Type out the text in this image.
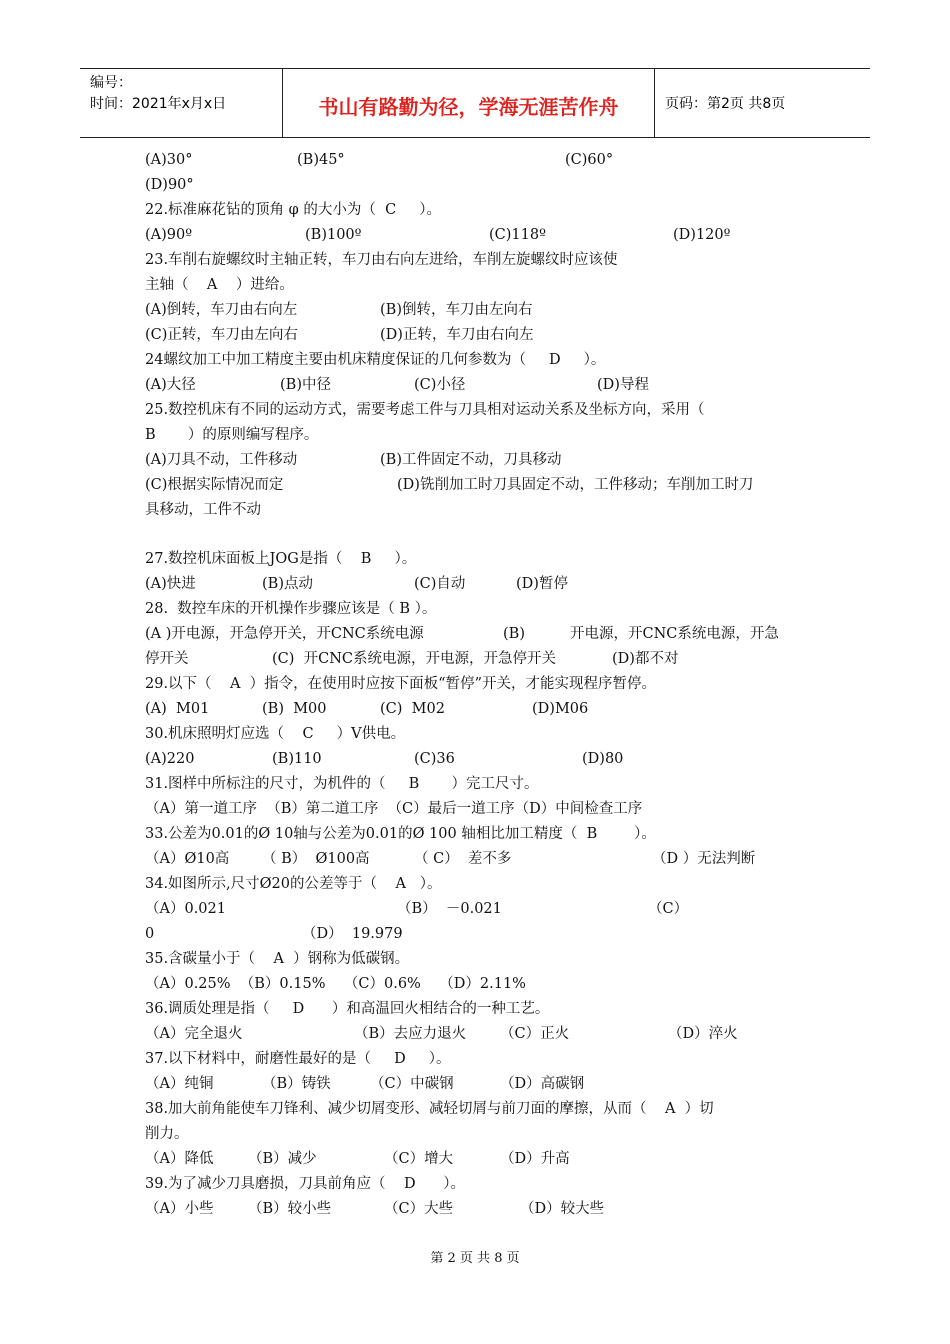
编号：
时间：2021年x月x日	书山有路勤为径，学海无涯苦作舟	页码：第2页 共8页
(A)30°	(B)45°	(C)60°
(D)90°
22.标准麻花钻的顶角 φ 的大小为（  C     ）。
(A)90º	(B)100º	(C)118º	(D)120º
23.车削右旋螺纹时主轴正转，车刀由右向左进给，车削左旋螺纹时应该使
主轴（    A    ）进给。
(A)倒转，车刀由右向左	(B)倒转，车刀由左向右
(C)正转，车刀由左向右	(D)正转，车刀由右向左
24螺纹加工中加工精度主要由机床精度保证的几何参数为（     D     ）。
(A)大径	(B)中径	(C)小径	(D)导程
25.数控机床有不同的运动方式，需要考虑工件与刀具相对运动关系及坐标方向，采用（
B       ）的原则编写程序。
(A)刀具不动，工件移动	(B)工件固定不动，刀具移动
(C)根据实际情况而定	(D)铣削加工时刀具固定不动，工件移动；车削加工时刀
具移动，工件不动
27.数控机床面板上JOG是指（    B     ）。
(A)快进	(B)点动	(C)自动	(D)暂停
28.  数控车床的开机操作步骤应该是（ B ）。
(A )开电源，开急停开关，开CNC系统电源	(B)	开电源，开CNC系统电源，开急
停开关	(C)  开CNC系统电源，开电源，开急停开关	(D)都不对
29.以下（    A  ）指令，在使用时应按下面板“暂停”开关，才能实现程序暂停。
(A)  M01	(B)  M00	(C)  M02	(D)M06
30.机床照明灯应选（    C     ）V供电。
(A)220	(B)110	(C)36	(D)80
31.图样中所标注的尺寸，为机件的（     B       ）完工尺寸。
（A）第一道工序  （B）第二道工序  （C）最后一道工序（D）中间检查工序
33.公差为0.01的Ø 10轴与公差为0.01的Ø 100 轴相比加工精度（  B        ）。
（A）Ø10高 （ B）  Ø100高	（ C）  差不多	（D ）无法判断
34.如图所示,尺寸Ø20的公差等于（    A   ）。
（A）0.021	（B）  －0.021	（C）
0	（D）  19.979
35.含碳量小于（    A  ）钢称为低碳钢。
（A）0.25%  （B）0.15%    （C）0.6%    （D）2.11%
36.调质处理是指（     D      ）和高温回火相结合的一种工艺。
（A）完全退火	（B）去应力退火 （C）正火	（D）淬火
37.以下材料中，耐磨性最好的是（     D     ）。
（A）纯铜	（B）铸铁	（C）中碳钢	（D）高碳钢
38.加大前角能使车刀锋利、减少切屑变形、减轻切屑与前刀面的摩擦，从而（    A  ）切
削力。
（A）降低 （B）减少	（C）增大	（D）升高
39.为了减少刀具磨损，刀具前角应（    D      ）。
（A）小些 （B）较小些	（C）大些	（D）较大些
第 2 页 共 8 页
